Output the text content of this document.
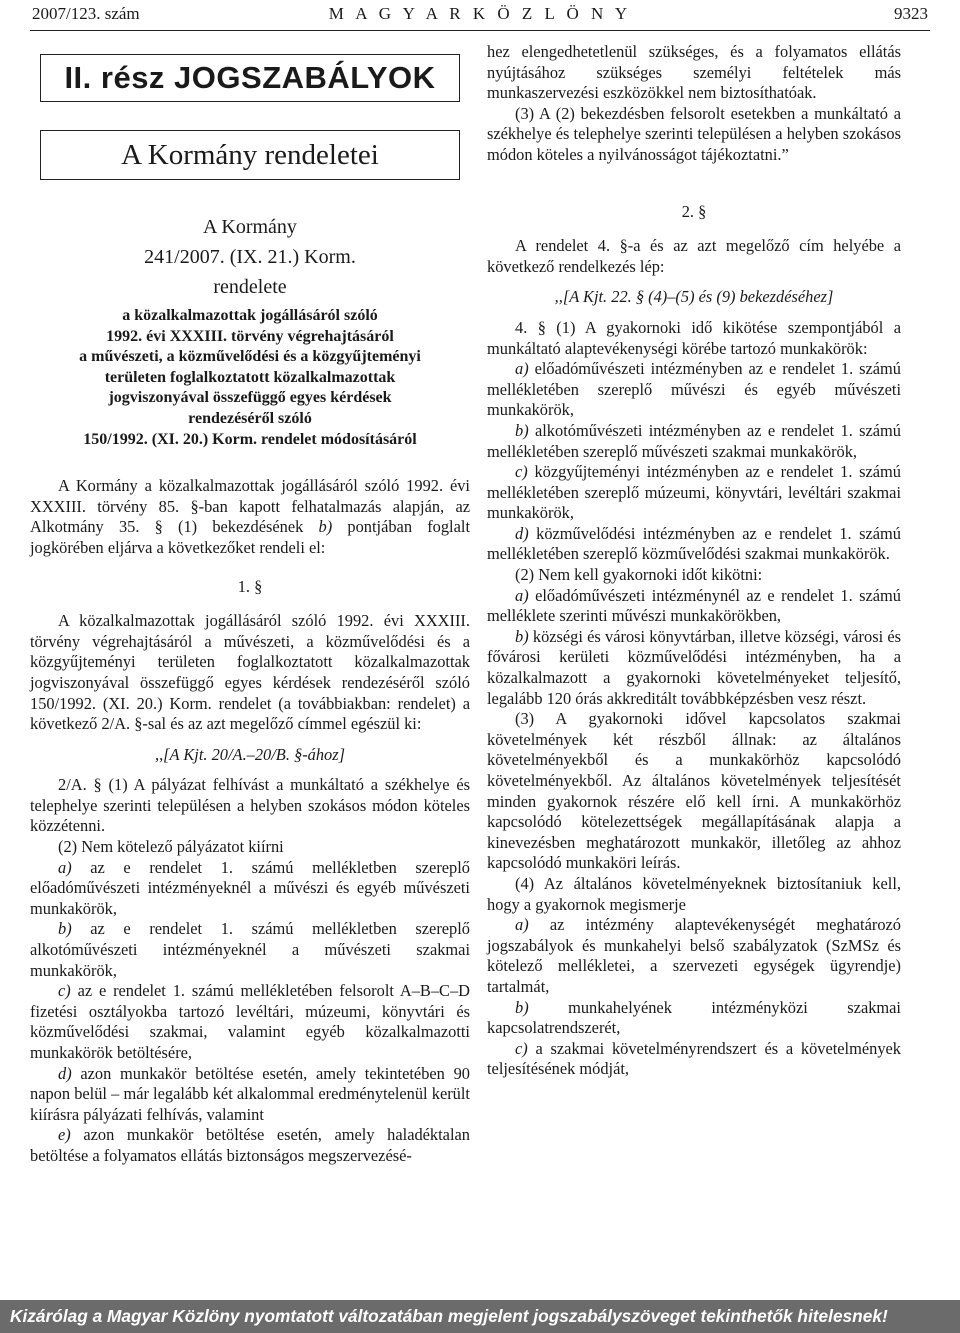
2007/123. szám	M A G Y A R K Ö Z L Ö N Y	9323
II. rész JOGSZABÁLYOK
A Kormány rendeletei
A Kormány
241/2007. (IX. 21.) Korm.
rendelete
a közalkalmazottak jogállásáról szóló
1992. évi XXXIII. törvény végrehajtásáról
a művészeti, a közművelődési és a közgyűjteményi
területen foglalkoztatott közalkalmazottak
jogviszonyával összefüggő egyes kérdések
rendezéséről szóló
150/1992. (XI. 20.) Korm. rendelet módosításáról

A Kormány a közalkalmazottak jogállásáról szóló 1992. évi XXXIII. törvény 85. §-ban kapott felhatalmazás alapján, az Alkotmány 35. § (1) bekezdésének b) pontjában foglalt jogkörében eljárva a következőket rendeli el:

1. §

A közalkalmazottak jogállásáról szóló 1992. évi XXXIII. törvény végrehajtásáról a művészeti, a közművelődési és a közgyűjteményi területen foglalkoztatott közalkalmazottak jogviszonyával összefüggő egyes kérdések rendezéséről szóló 150/1992. (XI. 20.) Korm. rendelet (a továbbiakban: rendelet) a következő 2/A. §-sal és az azt megelőző címmel egészül ki:

,,[A Kjt. 20/A.–20/B. §-ához]

2/A. § (1) A pályázat felhívást a munkáltató a székhelye és telephelye szerinti településen a helyben szokásos módon köteles közzétenni.

(2) Nem kötelező pályázatot kiírni

a) az e rendelet 1. számú mellékletben szereplő előadóművészeti intézményeknél a művészi és egyéb művészeti munkakörök,

b) az e rendelet 1. számú mellékletben szereplő alkotóművészeti intézményeknél a művészeti szakmai munkakörök,

c) az e rendelet 1. számú mellékletében felsorolt A–B–C–D fizetési osztályokba tartozó levéltári, múzeumi, könyvtári és közművelődési szakmai, valamint egyéb közalkalmazotti munkakörök betöltésére,

d) azon munkakör betöltése esetén, amely tekintetében 90 napon belül – már legalább két alkalommal eredménytelenül került kiírásra pályázati felhívás, valamint

e) azon munkakör betöltése esetén, amely haladéktalan betöltése a folyamatos ellátás biztonságos megszervezésé-

hez elengedhetetlenül szükséges, és a folyamatos ellátás nyújtásához szükséges személyi feltételek más munkaszervezési eszközökkel nem biztosíthatóak.

(3) A (2) bekezdésben felsorolt esetekben a munkáltató a székhelye és telephelye szerinti településen a helyben szokásos módon köteles a nyilvánosságot tájékoztatni.”

2. §

A rendelet 4. §-a és az azt megelőző cím helyébe a következő rendelkezés lép:

,,[A Kjt. 22. § (4)–(5) és (9) bekezdéséhez]

4. § (1) A gyakornoki idő kikötése szempontjából a munkáltató alaptevékenységi körébe tartozó munkakörök:

a) előadóművészeti intézményben az e rendelet 1. számú mellékletében szereplő művészi és egyéb művészeti munkakörök,

b) alkotóművészeti intézményben az e rendelet 1. számú mellékletében szereplő művészeti szakmai munkakörök,

c) közgyűjteményi intézményben az e rendelet 1. számú mellékletében szereplő múzeumi, könyvtári, levéltári szakmai munkakörök,

d) közművelődési intézményben az e rendelet 1. számú mellékletében szereplő közművelődési szakmai munkakörök.

(2) Nem kell gyakornoki időt kikötni:

a) előadóművészeti intézménynél az e rendelet 1. számú melléklete szerinti művészi munkakörökben,

b) községi és városi könyvtárban, illetve községi, városi és fővárosi kerületi közművelődési intézményben, ha a közalkalmazott a gyakornoki követelményeket teljesítő, legalább 120 órás akkreditált továbbképzésben vesz részt.

(3) A gyakornoki idővel kapcsolatos szakmai követelmények két részből állnak: az általános követelményekből és a munkakörhöz kapcsolódó követelményekből. Az általános követelmények teljesítését minden gyakornok részére elő kell írni. A munkakörhöz kapcsolódó kötelezettségek megállapításának alapja a kinevezésben meghatározott munkakör, illetőleg az ahhoz kapcsolódó munkaköri leírás.

(4) Az általános követelményeknek biztosítaniuk kell, hogy a gyakornok megismerje

a) az intézmény alaptevékenységét meghatározó jogszabályok és munkahelyi belső szabályzatok (SzMSz és kötelező mellékletei, a szervezeti egységek ügyrendje) tartalmát,

b) munkahelyének intézményközi szakmai kapcsolatrendszerét,

c) a szakmai követelményrendszert és a követelmények teljesítésének módját,

Kizárólag a Magyar Közlöny nyomtatott változatában megjelent jogszabályszöveget tekinthetők hitelesnek!
